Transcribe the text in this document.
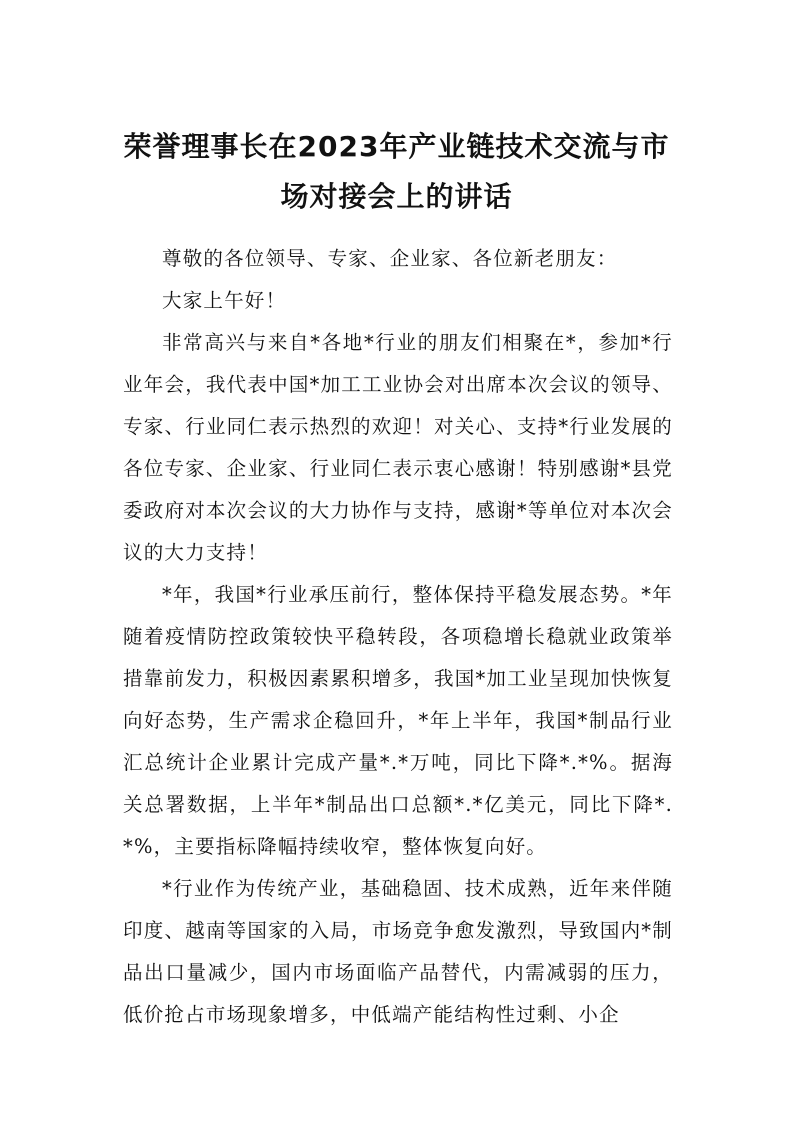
荣誉理事长在2023年产业链技术交流与市场对接会上的讲话

尊敬的各位领导、专家、企业家、各位新老朋友：

大家上午好！

非常高兴与来自*各地*行业的朋友们相聚在*，参加*行业年会，我代表中国*加工工业协会对出席本次会议的领导、专家、行业同仁表示热烈的欢迎！对关心、支持*行业发展的各位专家、企业家、行业同仁表示衷心感谢！特别感谢*县党委政府对本次会议的大力协作与支持，感谢*等单位对本次会议的大力支持！

*年，我国*行业承压前行，整体保持平稳发展态势。*年随着疫情防控政策较快平稳转段，各项稳增长稳就业政策举措靠前发力，积极因素累积增多，我国*加工业呈现加快恢复向好态势，生产需求企稳回升，*年上半年，我国*制品行业汇总统计企业累计完成产量*.*万吨，同比下降*.*%。据海关总署数据，上半年*制品出口总额*.*亿美元，同比下降*.*%，主要指标降幅持续收窄，整体恢复向好。

*行业作为传统产业，基础稳固、技术成熟，近年来伴随印度、越南等国家的入局，市场竞争愈发激烈，导致国内*制品出口量减少，国内市场面临产品替代，内需减弱的压力，低价抢占市场现象增多，中低端产能结构性过剩、小企
